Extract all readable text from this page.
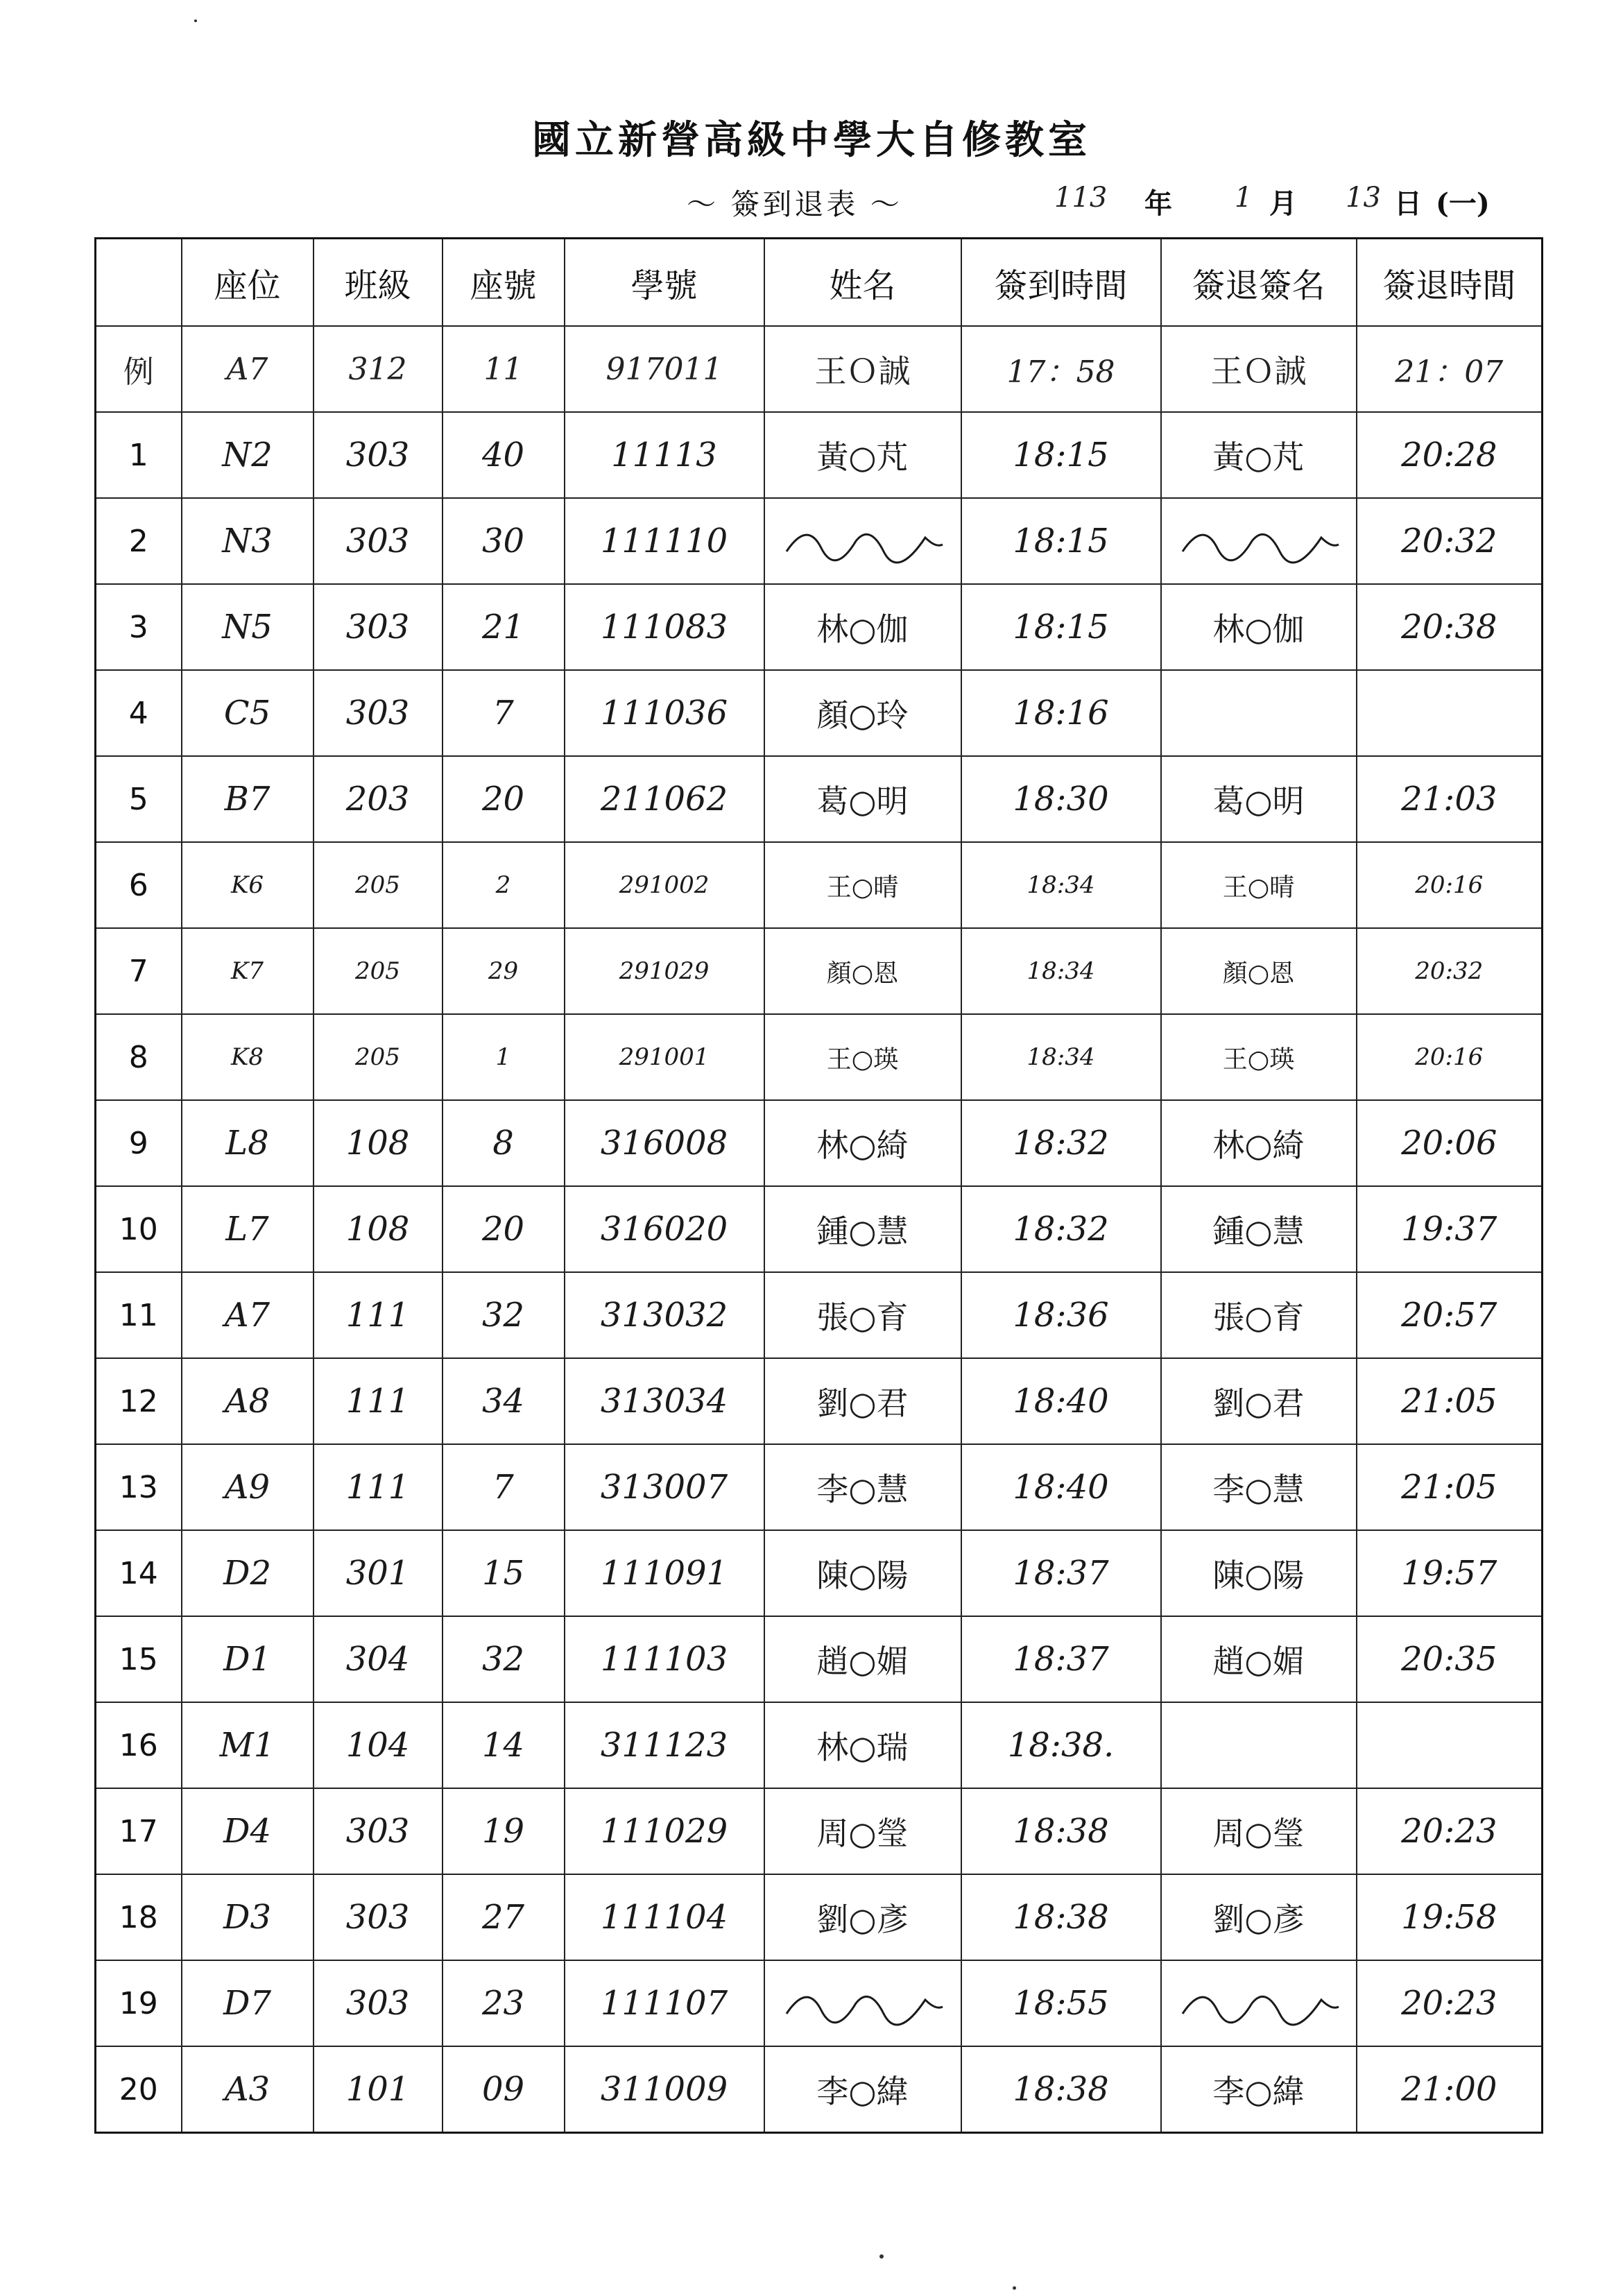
國立新營高級中學大自修教室
～ 簽到退表 ～	113 年 1 月 13 日 (一)
	座位	班級	座號	學號	姓名	簽到時間	簽退簽名	簽退時間
例	A7	312	11	917011	王Ｏ誠	17：58	王Ｏ誠	21：07
1	N2	303	40	11113	黃○芃	18:15	黃○芃	20:28
2	N3	303	30	111110		18:15		20:32
3	N5	303	21	111083	林○伽	18:15	林○伽	20:38
4	C5	303	7	111036	顏○玲	18:16		
5	B7	203	20	211062	葛○明	18:30	葛○明	21:03
6	K6	205	2	291002	王○晴	18:34	王○晴	20:16
7	K7	205	29	291029	顏○恩	18:34	顏○恩	20:32
8	K8	205	1	291001	王○瑛	18:34	王○瑛	20:16
9	L8	108	8	316008	林○綺	18:32	林○綺	20:06
10	L7	108	20	316020	鍾○慧	18:32	鍾○慧	19:37
11	A7	111	32	313032	張○育	18:36	張○育	20:57
12	A8	111	34	313034	劉○君	18:40	劉○君	21:05
13	A9	111	7	313007	李○慧	18:40	李○慧	21:05
14	D2	301	15	111091	陳○陽	18:37	陳○陽	19:57
15	D1	304	32	111103	趙○媚	18:37	趙○媚	20:35
16	M1	104	14	311123	林○瑞	18:38.		
17	D4	303	19	111029	周○瑩	18:38	周○瑩	20:23
18	D3	303	27	111104	劉○彥	18:38	劉○彥	19:58
19	D7	303	23	111107		18:55		20:23
20	A3	101	09	311009	李○緯	18:38	李○緯	21:00
